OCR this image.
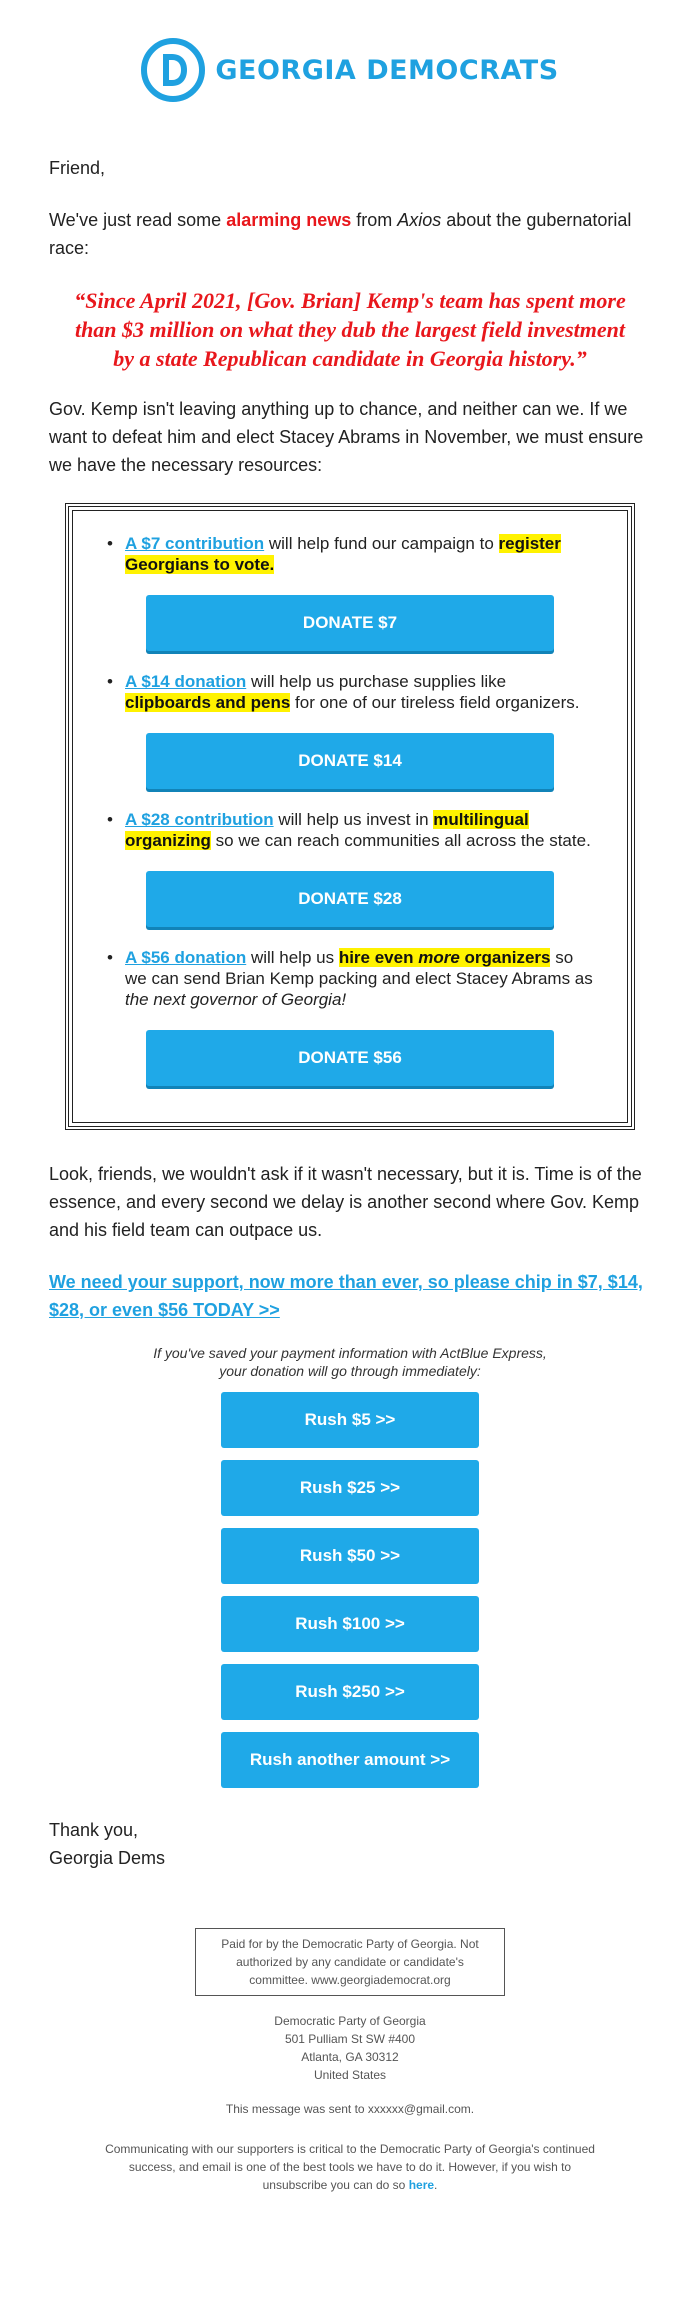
GEORGIA DEMOCRATS

Friend,

We've just read some alarming news from Axios about the gubernatorial race:

“Since April 2021, [Gov. Brian] Kemp's team has spent more than $3 million on what they dub the largest field investment by a state Republican candidate in Georgia history.”

Gov. Kemp isn't leaving anything up to chance, and neither can we. If we want to defeat him and elect Stacey Abrams in November, we must ensure we have the necessary resources:

• A $7 contribution will help fund our campaign to register Georgians to vote.
DONATE $7
• A $14 donation will help us purchase supplies like clipboards and pens for one of our tireless field organizers.
DONATE $14
• A $28 contribution will help us invest in multilingual organizing so we can reach communities all across the state.
DONATE $28
• A $56 donation will help us hire even more organizers so we can send Brian Kemp packing and elect Stacey Abrams as the next governor of Georgia!
DONATE $56

Look, friends, we wouldn't ask if it wasn't necessary, but it is. Time is of the essence, and every second we delay is another second where Gov. Kemp and his field team can outpace us.

We need your support, now more than ever, so please chip in $7, $14, $28, or even $56 TODAY >>
If you've saved your payment information with ActBlue Express,
your donation will go through immediately:
Rush $5 >>
Rush $25 >>
Rush $50 >>
Rush $100 >>
Rush $250 >>
Rush another amount >>
Thank you,
Georgia Dems
Paid for by the Democratic Party of Georgia. Not authorized by any candidate or candidate's committee. www.georgiademocrat.org
Democratic Party of Georgia
501 Pulliam St SW #400
Atlanta, GA 30312
United States
This message was sent to xxxxxx@gmail.com.
Communicating with our supporters is critical to the Democratic Party of Georgia's continued success, and email is one of the best tools we have to do it. However, if you wish to unsubscribe you can do so here.
